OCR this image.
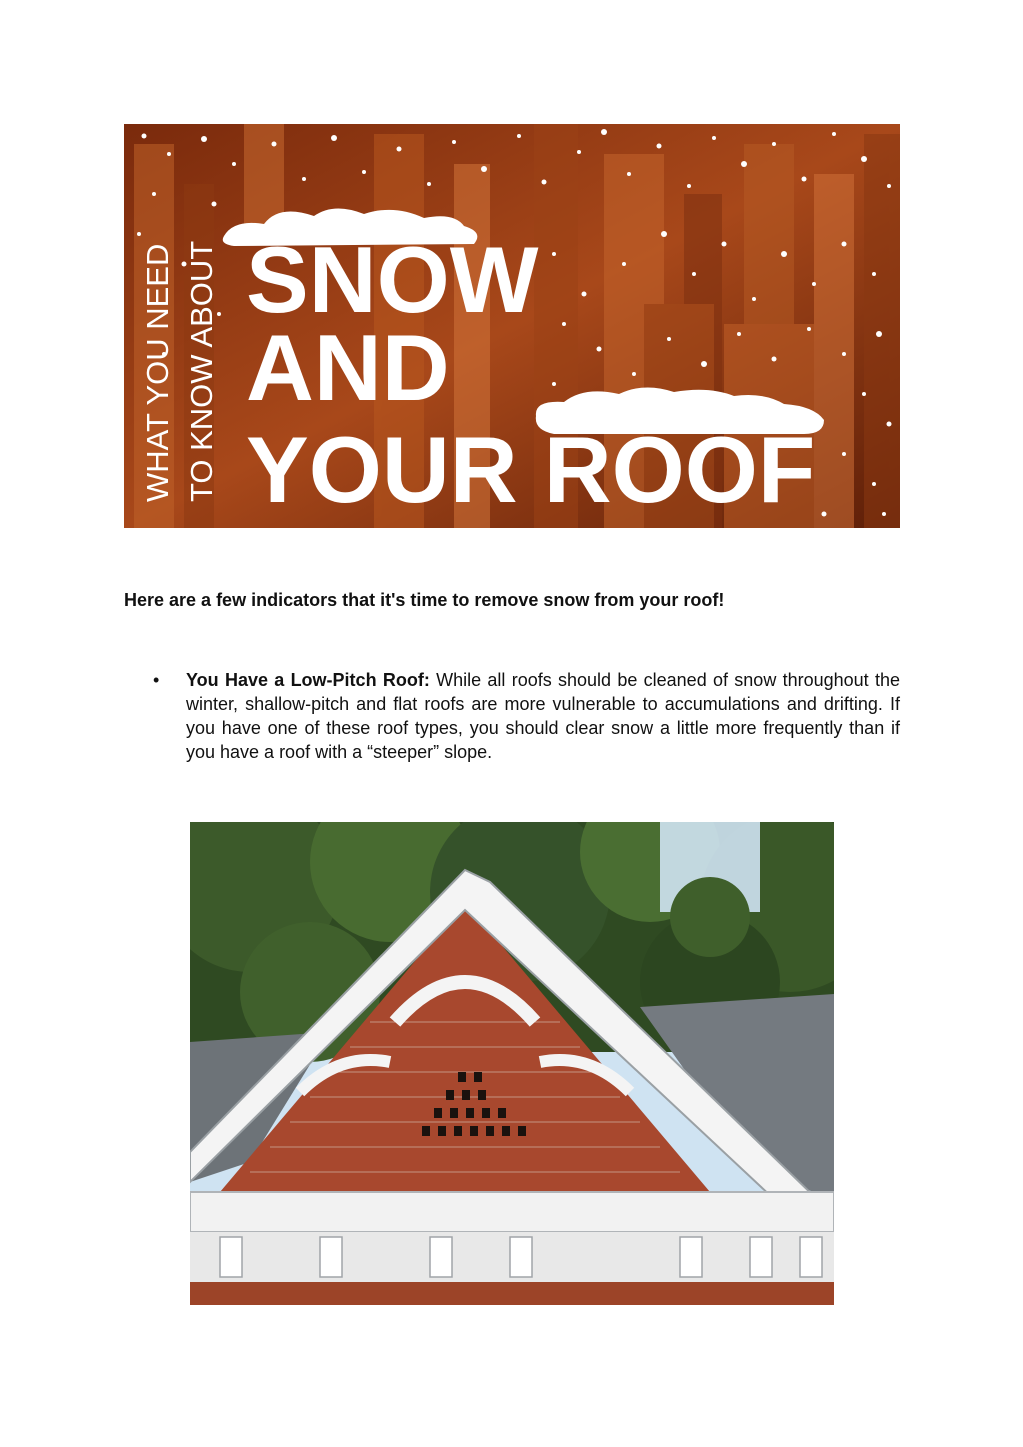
WHAT YOU NEED TO KNOW ABOUT SNOW
AND
YOUR ROOF

Here are a few indicators that it's time to remove snow from your roof!

• You Have a Low-Pitch Roof: While all roofs should be cleaned of snow throughout the winter, shallow-pitch and flat roofs are more vulnerable to accumulations and drifting. If you have one of these roof types, you should clear snow a little more frequently than if you have a roof with a “steeper” slope.
